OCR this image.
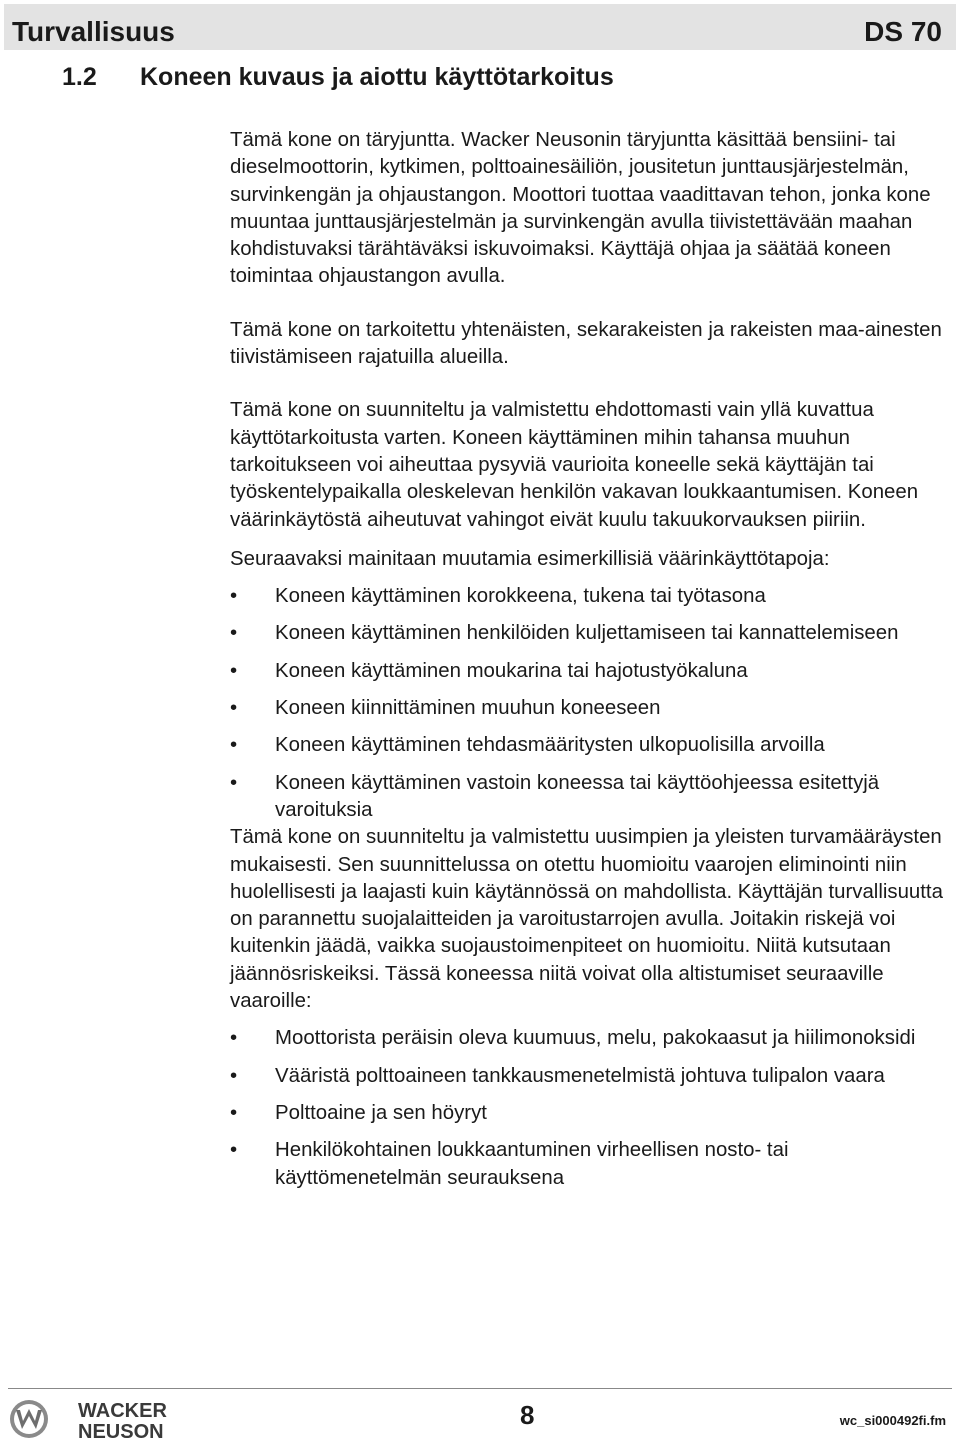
Turvallisuus	DS 70
1.2 Koneen kuvaus ja aiottu käyttötarkoitus

Tämä kone on täryjuntta. Wacker Neusonin täryjuntta käsittää bensiini- tai dieselmoottorin, kytkimen, polttoainesäiliön, jousitetun junttausjärjestelmän, survinkengän ja ohjaustangon. Moottori tuottaa vaadittavan tehon, jonka kone muuntaa junttausjärjestelmän ja survinkengän avulla tiivistettävään maahan kohdistuvaksi tärähtäväksi iskuvoimaksi. Käyttäjä ohjaa ja säätää koneen toimintaa ohjaustangon avulla.

Tämä kone on tarkoitettu yhtenäisten, sekarakeisten ja rakeisten maa-ainesten tiivistämiseen rajatuilla alueilla.

Tämä kone on suunniteltu ja valmistettu ehdottomasti vain yllä kuvattua käyttötarkoitusta varten. Koneen käyttäminen mihin tahansa muuhun tarkoitukseen voi aiheuttaa pysyviä vaurioita koneelle sekä käyttäjän tai työskentelypaikalla oleskelevan henkilön vakavan loukkaantumisen. Koneen väärinkäytöstä aiheutuvat vahingot eivät kuulu takuukorvauksen piiriin.

Seuraavaksi mainitaan muutamia esimerkillisiä väärinkäyttötapoja:

• Koneen käyttäminen korokkeena, tukena tai työtasona
• Koneen käyttäminen henkilöiden kuljettamiseen tai kannattelemiseen
• Koneen käyttäminen moukarina tai hajotustyökaluna
• Koneen kiinnittäminen muuhun koneeseen
• Koneen käyttäminen tehdasmääritysten ulkopuolisilla arvoilla
• Koneen käyttäminen vastoin koneessa tai käyttöohjeessa esitettyjä varoituksia

Tämä kone on suunniteltu ja valmistettu uusimpien ja yleisten turvamääräysten mukaisesti. Sen suunnittelussa on otettu huomioitu vaarojen eliminointi niin huolellisesti ja laajasti kuin käytännössä on mahdollista. Käyttäjän turvallisuutta on parannettu suojalaitteiden ja varoitustarrojen avulla. Joitakin riskejä voi kuitenkin jäädä, vaikka suojaustoimenpiteet on huomioitu. Niitä kutsutaan jäännösriskeiksi. Tässä koneessa niitä voivat olla altistumiset seuraaville vaaroille:

• Moottorista peräisin oleva kuumuus, melu, pakokaasut ja hiilimonoksidi
• Vääristä polttoaineen tankkausmenetelmistä johtuva tulipalon vaara
• Polttoaine ja sen höyryt
• Henkilökohtainen loukkaantuminen virheellisen nosto- tai käyttömenetelmän seurauksena
WACKER
NEUSON
8	wc_si000492fi.fm
